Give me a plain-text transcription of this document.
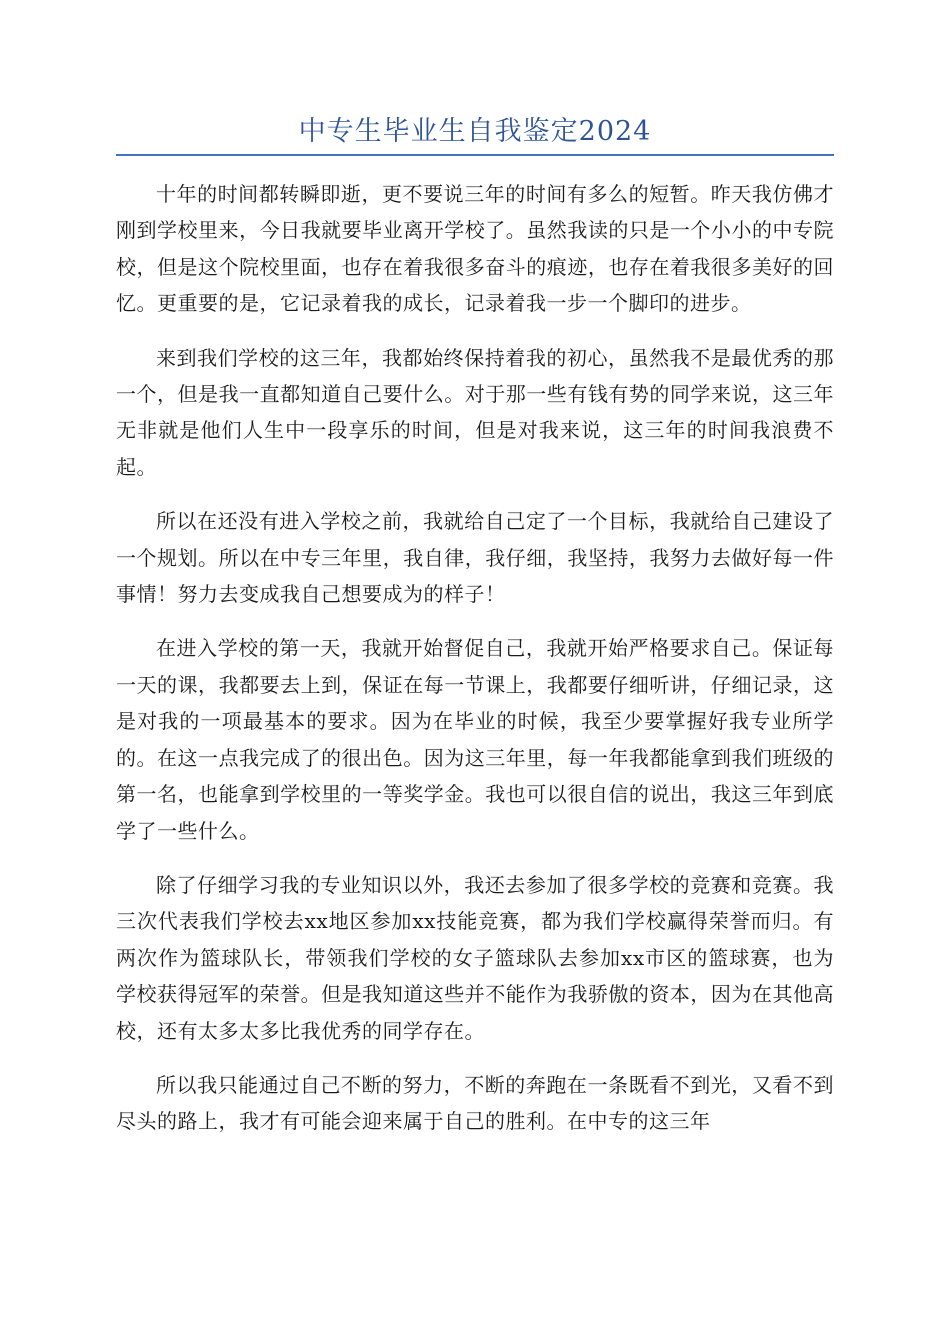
中专生毕业生自我鉴定2024

十年的时间都转瞬即逝，更不要说三年的时间有多么的短暂。昨天我仿佛才刚到学校里来，今日我就要毕业离开学校了。虽然我读的只是一个小小的中专院校，但是这个院校里面，也存在着我很多奋斗的痕迹，也存在着我很多美好的回忆。更重要的是，它记录着我的成长，记录着我一步一个脚印的进步。

来到我们学校的这三年，我都始终保持着我的初心，虽然我不是最优秀的那一个，但是我一直都知道自己要什么。对于那一些有钱有势的同学来说，这三年无非就是他们人生中一段享乐的时间，但是对我来说，这三年的时间我浪费不起。

所以在还没有进入学校之前，我就给自己定了一个目标，我就给自己建设了一个规划。所以在中专三年里，我自律，我仔细，我坚持，我努力去做好每一件事情！努力去变成我自己想要成为的样子！

在进入学校的第一天，我就开始督促自己，我就开始严格要求自己。保证每一天的课，我都要去上到，保证在每一节课上，我都要仔细听讲，仔细记录，这是对我的一项最基本的要求。因为在毕业的时候，我至少要掌握好我专业所学的。在这一点我完成了的很出色。因为这三年里，每一年我都能拿到我们班级的第一名，也能拿到学校里的一等奖学金。我也可以很自信的说出，我这三年到底学了一些什么。

除了仔细学习我的专业知识以外，我还去参加了很多学校的竞赛和竞赛。我三次代表我们学校去xx地区参加xx技能竞赛，都为我们学校赢得荣誉而归。有两次作为篮球队长，带领我们学校的女子篮球队去参加xx市区的篮球赛，也为学校获得冠军的荣誉。但是我知道这些并不能作为我骄傲的资本，因为在其他高校，还有太多太多比我优秀的同学存在。

所以我只能通过自己不断的努力，不断的奔跑在一条既看不到光，又看不到尽头的路上，我才有可能会迎来属于自己的胜利。在中专的这三年
